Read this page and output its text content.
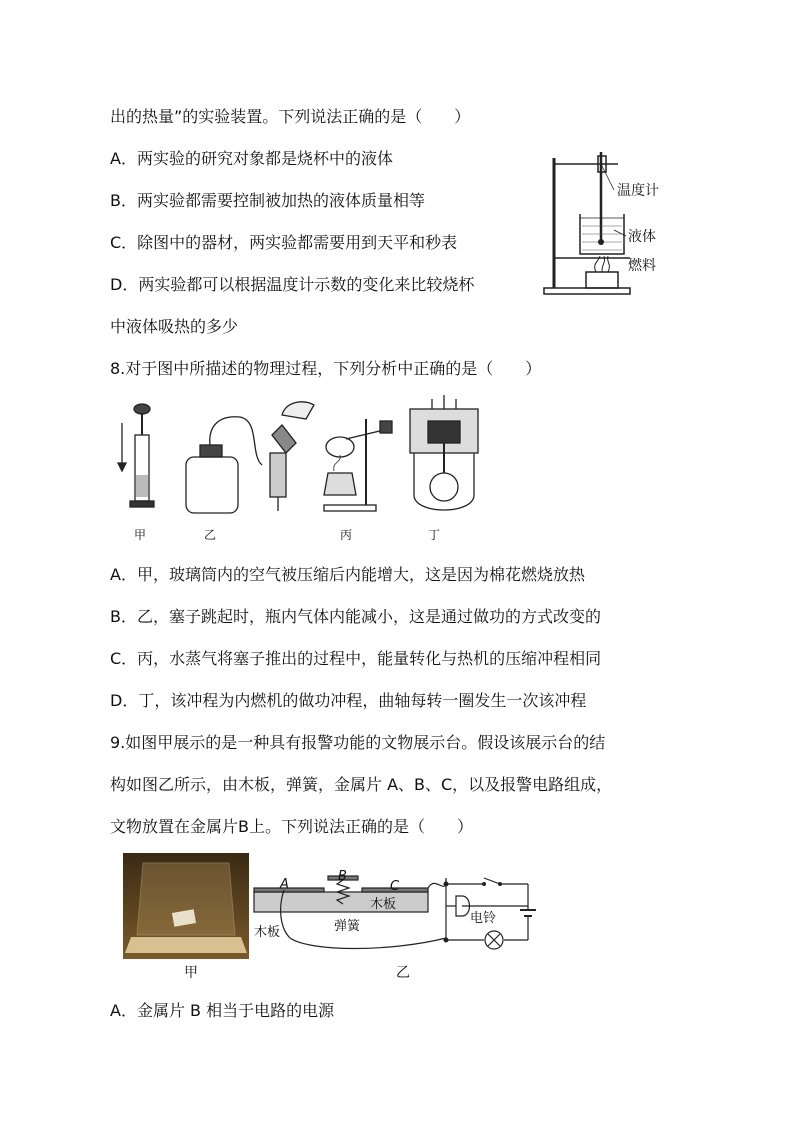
出的热量”的实验装置。下列说法正确的是（　　）
A．两实验的研究对象都是烧杯中的液体
B．两实验都需要控制被加热的液体质量相等
C．除图中的器材，两实验都需要用到天平和秒表
D．两实验都可以根据温度计示数的变化来比较烧杯
中液体吸热的多少
温度计
液体
燃料
8.对于图中所描述的物理过程，下列分析中正确的是（　　）
甲	乙	丙	丁
A．甲，玻璃筒内的空气被压缩后内能增大，这是因为棉花燃烧放热
B．乙，塞子跳起时，瓶内气体内能减小，这是通过做功的方式改变的
C．丙，水蒸气将塞子推出的过程中，能量转化与热机的压缩冲程相同
D．丁，该冲程为内燃机的做功冲程，曲轴每转一圈发生一次该冲程
9.如图甲展示的是一种具有报警功能的文物展示台。假设该展示台的结
构如图乙所示，由木板，弹簧，金属片 A、B、C，以及报警电路组成，
文物放置在金属片B上。下列说法正确的是（　　）
甲
A
B
C
木板
木板	弹簧
电铃
乙
A．金属片 B 相当于电路的电源
